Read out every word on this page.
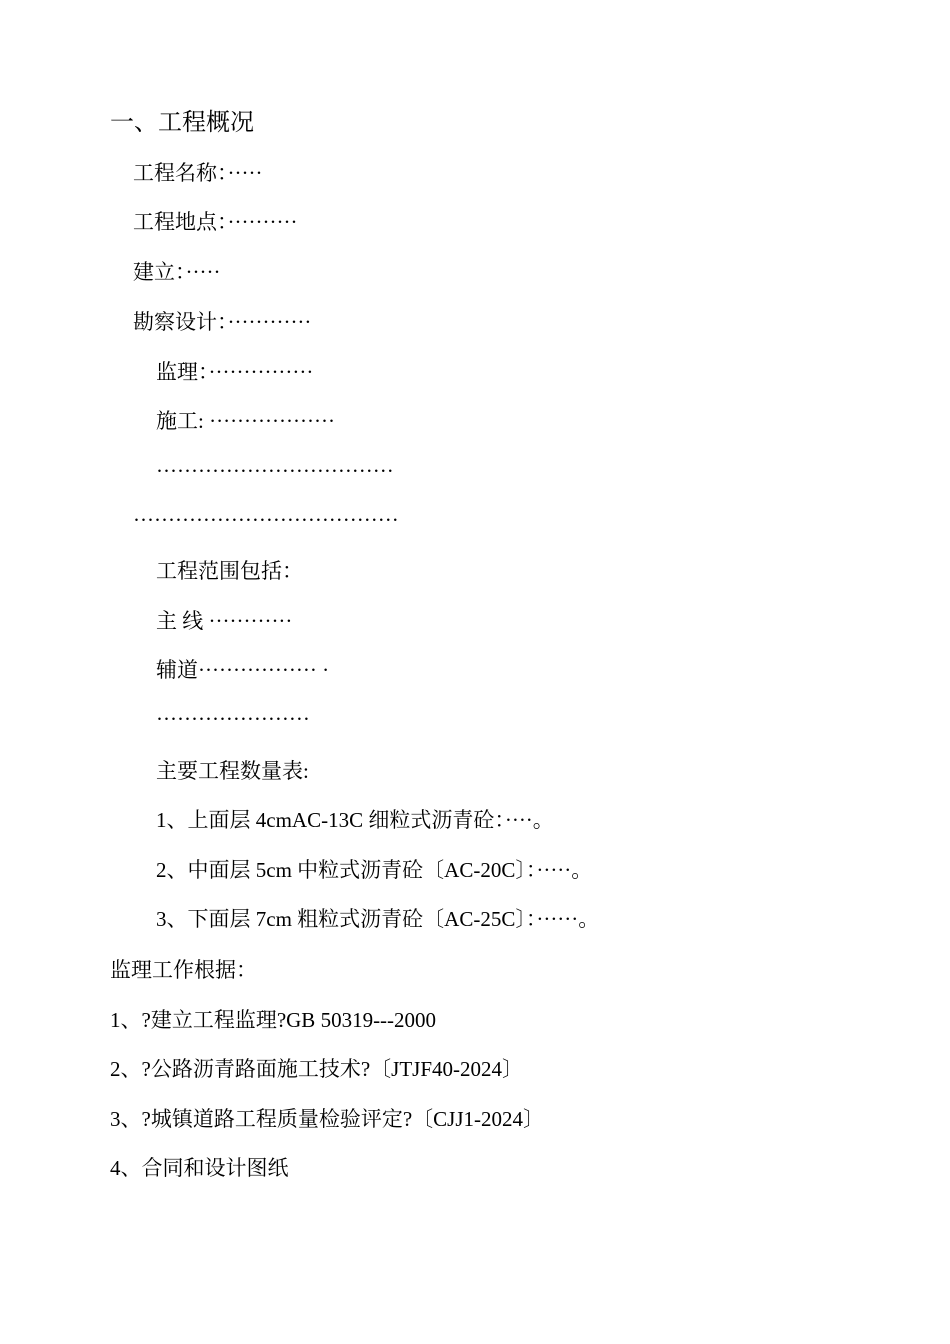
一、工程概况
工程名称：·····
工程地点：··········
建立：·····
勘察设计：············
监理：···············
施工: ··················
··································
······································
工程范围包括：
主 线 ············
辅道················· ·
······················
主要工程数量表:
1、上面层 4cmAC-13C 细粒式沥青砼：····。
2、中面层 5cm 中粒式沥青砼〔AC-20C〕：·····。
3、下面层 7cm 粗粒式沥青砼〔AC-25C〕：······。
监理工作根据：
1、?建立工程监理?GB 50319---2000
2、?公路沥青路面施工技术?〔JTJF40-2024〕
3、?城镇道路工程质量检验评定?〔CJJ1-2024〕
4、合同和设计图纸
